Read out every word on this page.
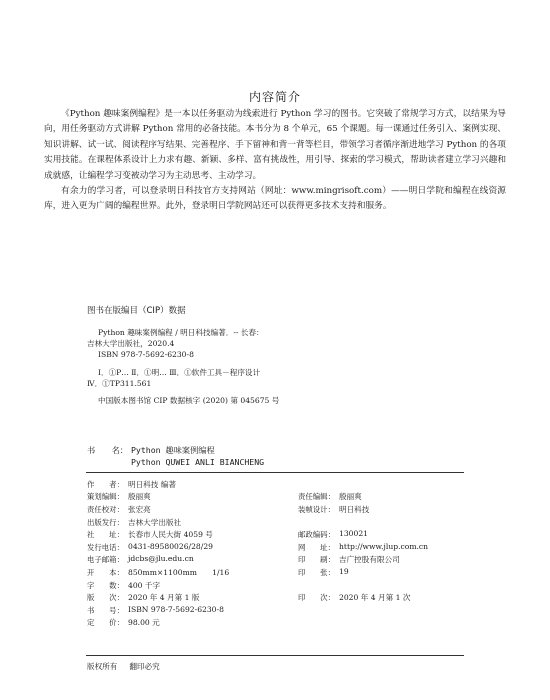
内容简介

《Python 趣味案例编程》是一本以任务驱动为线索进行 Python 学习的图书。它突破了常规学习方式，以结果为导向，用任务驱动方式讲解 Python 常用的必备技能。本书分为 8 个单元，65 个课题。每一课通过任务引入、案例实现、知识讲解、试一试、阅读程序写结果、完善程序、手下留神和背一背等栏目，带领学习者循序渐进地学习 Python 的各项实用技能。在课程体系设计上力求有趣、新颖、多样、富有挑战性，用引导、探索的学习模式，帮助读者建立学习兴趣和成就感，让编程学习变被动学习为主动思考、主动学习。

有余力的学习者，可以登录明日科技官方支持网站（网址：www.mingrisoft.com）——明日学院和编程在线资源库，进入更为广阔的编程世界。此外，登录明日学院网站还可以获得更多技术支持和服务。

图书在版编目（CIP）数据
Python 趣味案例编程 / 明日科技编著．-- 长春：
吉林大学出版社，2020.4
ISBN 978-7-5692-6230-8
Ⅰ．①P… Ⅱ．①明… Ⅲ．①软件工具－程序设计
Ⅳ．①TP311.561
中国版本图书馆 CIP 数据核字 (2020) 第 045675 号
书　　名： Python 趣味案例编程
Python QUWEI ANLI BIANCHENG
作　　者： 明日科技 编著
策划编辑： 殷丽爽	责任编辑： 殷丽爽
责任校对： 张宏亮	装帧设计： 明日科技
出版发行： 吉林大学出版社
社　　址： 长春市人民大街 4059 号	邮政编码： 130021
发行电话： 0431-89580026/28/29	网　　址： http://www.jlup.com.cn
电子邮箱： jdcbs@jlu.edu.cn	印　　刷： 吉广控股有限公司
开　　本： 850mm×1100mm　　1/16	印　　张： 19
字　　数： 400 千字
版　　次： 2020 年 4 月第 1 版	印　　次： 2020 年 4 月第 1 次
书　　号： ISBN 978-7-5692-6230-8
定　　价： 98.00 元
版权所有 翻印必究
